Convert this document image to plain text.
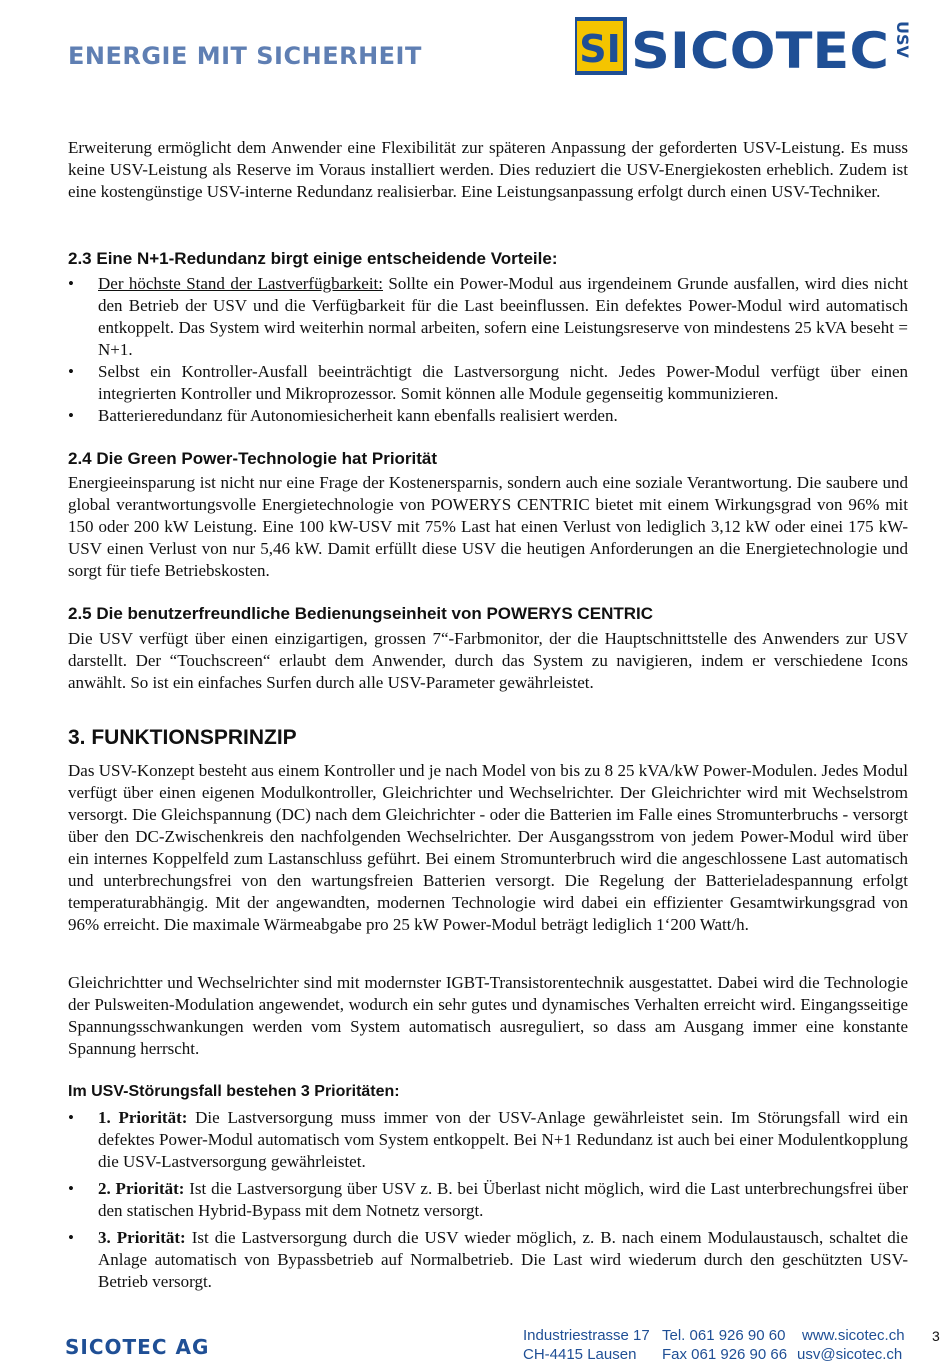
ENERGIE MIT SICHERHEIT	SI SICOTEC USV
Erweiterung ermöglicht dem Anwender eine Flexibilität zur späteren Anpassung der geforderten USV-Leistung. Es muss keine USV-Leistung als Reserve im Voraus installiert werden. Dies reduziert die USV-Energiekosten erheblich. Zudem ist eine kostengünstige USV-interne Redundanz realisierbar. Eine Leistungsanpassung erfolgt durch einen USV-Techniker.
2.3 Eine N+1-Redundanz birgt einige entscheidende Vorteile:
• Der höchste Stand der Lastverfügbarkeit: Sollte ein Power-Modul aus irgendeinem Grunde ausfallen, wird dies nicht den Betrieb der USV und die Verfügbarkeit für die Last beeinflussen. Ein defektes Power-Modul wird automatisch entkoppelt. Das System wird weiterhin normal arbeiten, sofern eine Leistungsreserve von mindestens 25 kVA beseht = N+1.
• Selbst ein Kontroller-Ausfall beeinträchtigt die Lastversorgung nicht. Jedes Power-Modul verfügt über einen integrierten Kontroller und Mikroprozessor. Somit können alle Module gegenseitig kommunizieren.
• Batterieredundanz für Autonomiesicherheit kann ebenfalls realisiert werden.
2.4 Die Green Power-Technologie hat Priorität
Energieeinsparung ist nicht nur eine Frage der Kostenersparnis, sondern auch eine soziale Verantwortung. Die saubere und global verantwortungsvolle Energietechnologie von POWERYS CENTRIC bietet mit einem Wirkungsgrad von 96% mit 150 oder 200 kW Leistung. Eine 100 kW-USV mit 75% Last hat einen Verlust von lediglich 3,12 kW oder einei 175 kW-USV einen Verlust von nur 5,46 kW. Damit erfüllt diese USV die heutigen Anforderungen an die Energietechnologie und sorgt für tiefe Betriebskosten.
2.5 Die benutzerfreundliche Bedienungseinheit von POWERYS CENTRIC
Die USV verfügt über einen einzigartigen, grossen 7“-Farbmonitor, der die Hauptschnittstelle des Anwenders zur USV darstellt. Der “Touchscreen“ erlaubt dem Anwender, durch das System zu navigieren, indem er verschiedene Icons anwählt. So ist ein einfaches Surfen durch alle USV-Parameter gewährleistet.
3. FUNKTIONSPRINZIP
Das USV-Konzept besteht aus einem Kontroller und je nach Model von bis zu 8 25 kVA/kW Power-Modulen. Jedes Modul verfügt über einen eigenen Modulkontroller, Gleichrichter und Wechselrichter. Der Gleichrichter wird mit Wechselstrom versorgt. Die Gleichspannung (DC) nach dem Gleichrichter - oder die Batterien im Falle eines Stromunterbruchs - versorgt über den DC-Zwischenkreis den nachfolgenden Wechselrichter. Der Ausgangsstrom von jedem Power-Modul wird über ein internes Koppelfeld zum Lastanschluss geführt. Bei einem Stromunterbruch wird die angeschlossene Last automatisch und unterbrechungsfrei von den wartungsfreien Batterien versorgt. Die Regelung der Batterieladespannung erfolgt temperaturabhängig. Mit der angewandten, modernen Technologie wird dabei ein effizienter Gesamtwirkungsgrad von 96% erreicht. Die maximale Wärmeabgabe pro 25 kW Power-Modul beträgt lediglich 1‘200 Watt/h.
Gleichrichtter und Wechselrichter sind mit modernster IGBT-Transistorentechnik ausgestattet. Dabei wird die Technologie der Pulsweiten-Modulation angewendet, wodurch ein sehr gutes und dynamisches Verhalten erreicht wird. Eingangsseitige Spannungsschwankungen werden vom System automatisch ausreguliert, so dass am Ausgang immer eine konstante Spannung herrscht.
Im USV-Störungsfall bestehen 3 Prioritäten:
• 1. Priorität: Die Lastversorgung muss immer von der USV-Anlage gewährleistet sein. Im Störungsfall wird ein defektes Power-Modul automatisch vom System entkoppelt. Bei N+1 Redundanz ist auch bei einer Modulentkopplung die USV-Lastversorgung gewährleistet.
• 2. Priorität: Ist die Lastversorgung über USV z. B. bei Überlast nicht möglich, wird die Last unterbrechungsfrei über den statischen Hybrid-Bypass mit dem Notnetz versorgt.
• 3. Priorität: Ist die Lastversorgung durch die USV wieder möglich, z. B. nach einem Modulaustausch, schaltet die Anlage automatisch von Bypassbetrieb auf Normalbetrieb. Die Last wird wiederum durch den geschützten USV-Betrieb versorgt.
SICOTEC AG	Industriestrasse 17
CH-4415 Lausen
Tel. 061 926 90 60
Fax 061 926 90 66
www.sicotec.ch
usv@sicotec.ch
3
